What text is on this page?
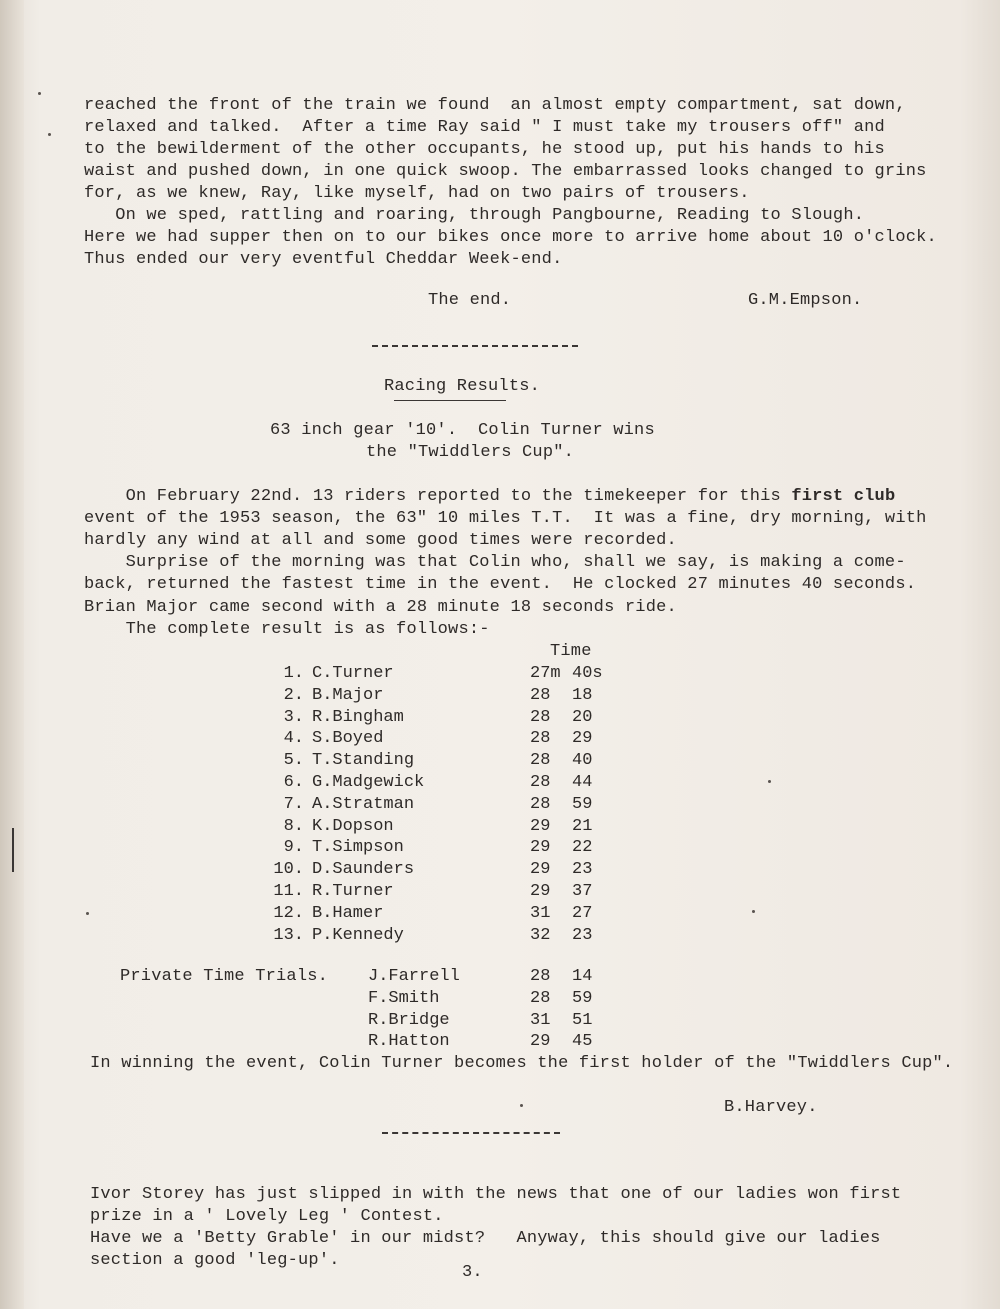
reached the front of the train we found  an almost empty compartment, sat down,
relaxed and talked.  After a time Ray said " I must take my trousers off" and
to the bewilderment of the other occupants, he stood up, put his hands to his
waist and pushed down, in one quick swoop. The embarrassed looks changed to grins
for, as we knew, Ray, like myself, had on two pairs of trousers.
On we sped, rattling and roaring, through Pangbourne, Reading to Slough.
Here we had supper then on to our bikes once more to arrive home about 10 o'clock.
Thus ended our very eventful Cheddar Week-end.
The end.	G.M.Empson.
Racing Results.
63 inch gear '10'.  Colin Turner wins
the "Twiddlers Cup".
On February 22nd. 13 riders reported to the timekeeper for this first club
event of the 1953 season, the 63" 10 miles T.T.  It was a fine, dry morning, with
hardly any wind at all and some good times were recorded.
Surprise of the morning was that Colin who, shall we say, is making a come-
back, returned the fastest time in the event.  He clocked 27 minutes 40 seconds.
Brian Major came second with a 28 minute 18 seconds ride.
The complete result is as follows:-
Time
1. C.Turner	27m 40s
2. B.Major	28	18
3. R.Bingham	28	20
4. S.Boyed	28	29
5. T.Standing	28	40
6. G.Madgewick	28	44
7. A.Stratman	28	59
8. K.Dopson	29	21
9. T.Simpson	29	22
10. D.Saunders	29	23
11. R.Turner	29	37
12. B.Hamer	31	27
13. P.Kennedy	32	23
Private Time Trials. J.Farrell	28	14
F.Smith	28	59
R.Bridge	31	51
R.Hatton	29	45
In winning the event, Colin Turner becomes the first holder of the "Twiddlers Cup".
B.Harvey.
Ivor Storey has just slipped in with the news that one of our ladies won first
prize in a ' Lovely Leg ' Contest.
Have we a 'Betty Grable' in our midst?   Anyway, this should give our ladies
section a good 'leg-up'.
3.
